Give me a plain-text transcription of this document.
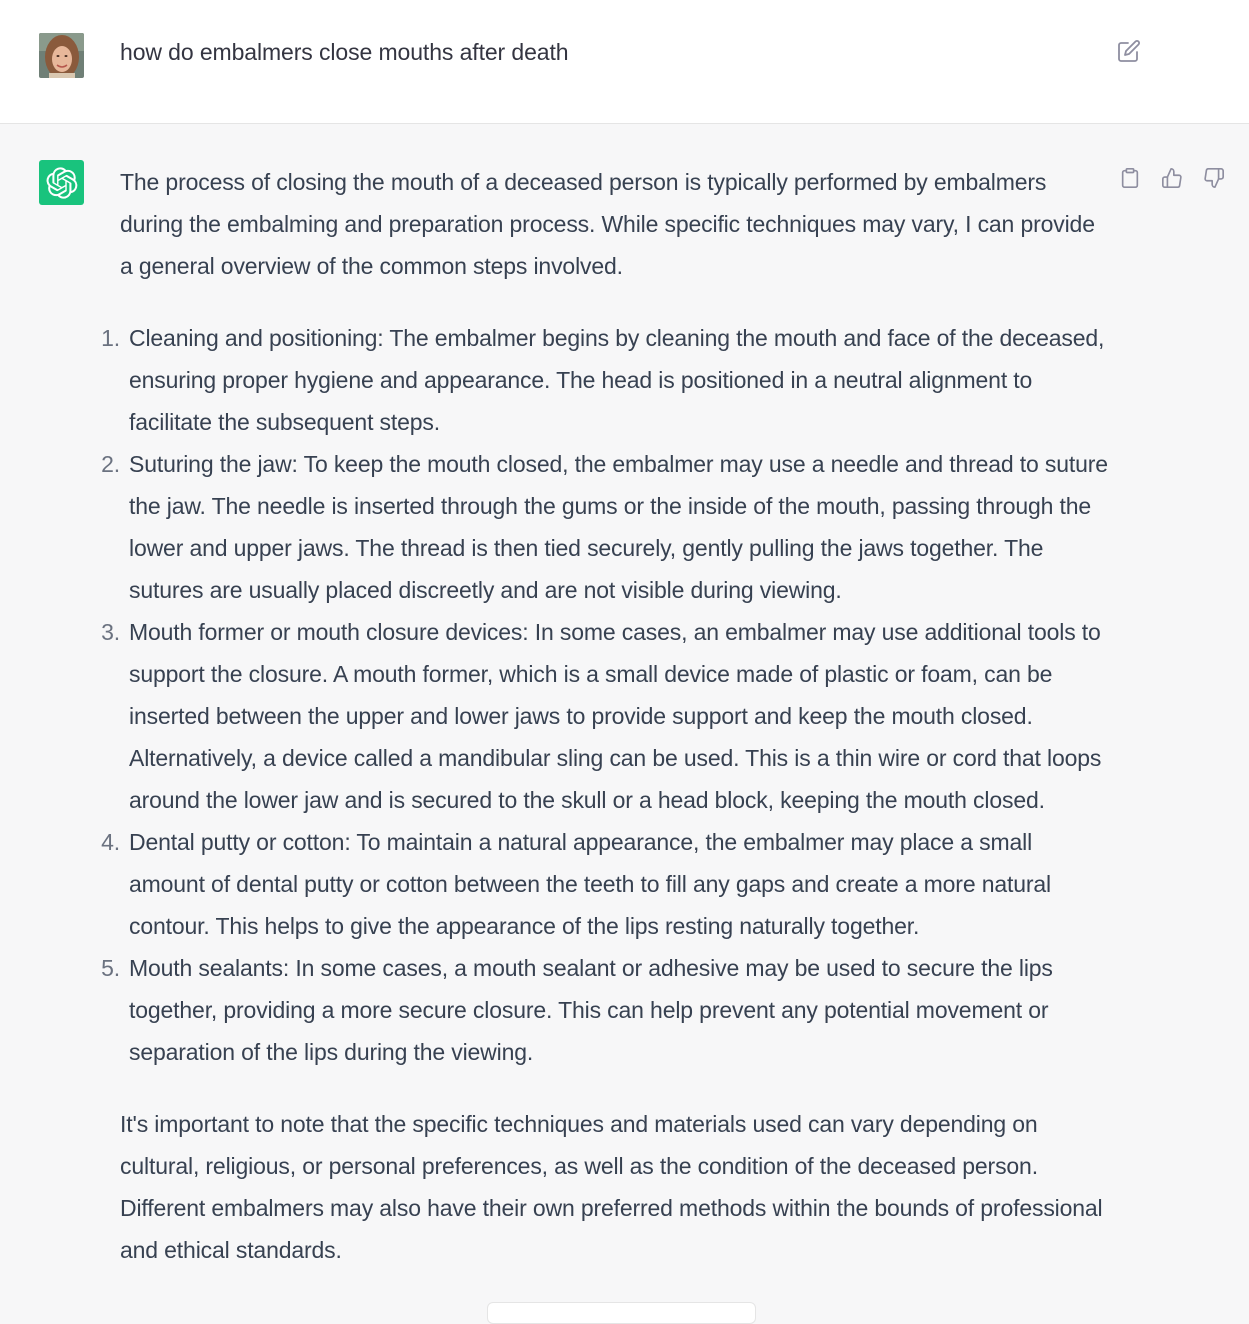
how do embalmers close mouths after death

The process of closing the mouth of a deceased person is typically performed by embalmers during the embalming and preparation process. While specific techniques may vary, I can provide a general overview of the common steps involved.

1. Cleaning and positioning: The embalmer begins by cleaning the mouth and face of the deceased, ensuring proper hygiene and appearance. The head is positioned in a neutral alignment to facilitate the subsequent steps.
2. Suturing the jaw: To keep the mouth closed, the embalmer may use a needle and thread to suture the jaw. The needle is inserted through the gums or the inside of the mouth, passing through the lower and upper jaws. The thread is then tied securely, gently pulling the jaws together. The sutures are usually placed discreetly and are not visible during viewing.
3. Mouth former or mouth closure devices: In some cases, an embalmer may use additional tools to support the closure. A mouth former, which is a small device made of plastic or foam, can be inserted between the upper and lower jaws to provide support and keep the mouth closed. Alternatively, a device called a mandibular sling can be used. This is a thin wire or cord that loops around the lower jaw and is secured to the skull or a head block, keeping the mouth closed.
4. Dental putty or cotton: To maintain a natural appearance, the embalmer may place a small amount of dental putty or cotton between the teeth to fill any gaps and create a more natural contour. This helps to give the appearance of the lips resting naturally together.
5. Mouth sealants: In some cases, a mouth sealant or adhesive may be used to secure the lips together, providing a more secure closure. This can help prevent any potential movement or separation of the lips during the viewing.

It's important to note that the specific techniques and materials used can vary depending on cultural, religious, or personal preferences, as well as the condition of the deceased person. Different embalmers may also have their own preferred methods within the bounds of professional and ethical standards.
